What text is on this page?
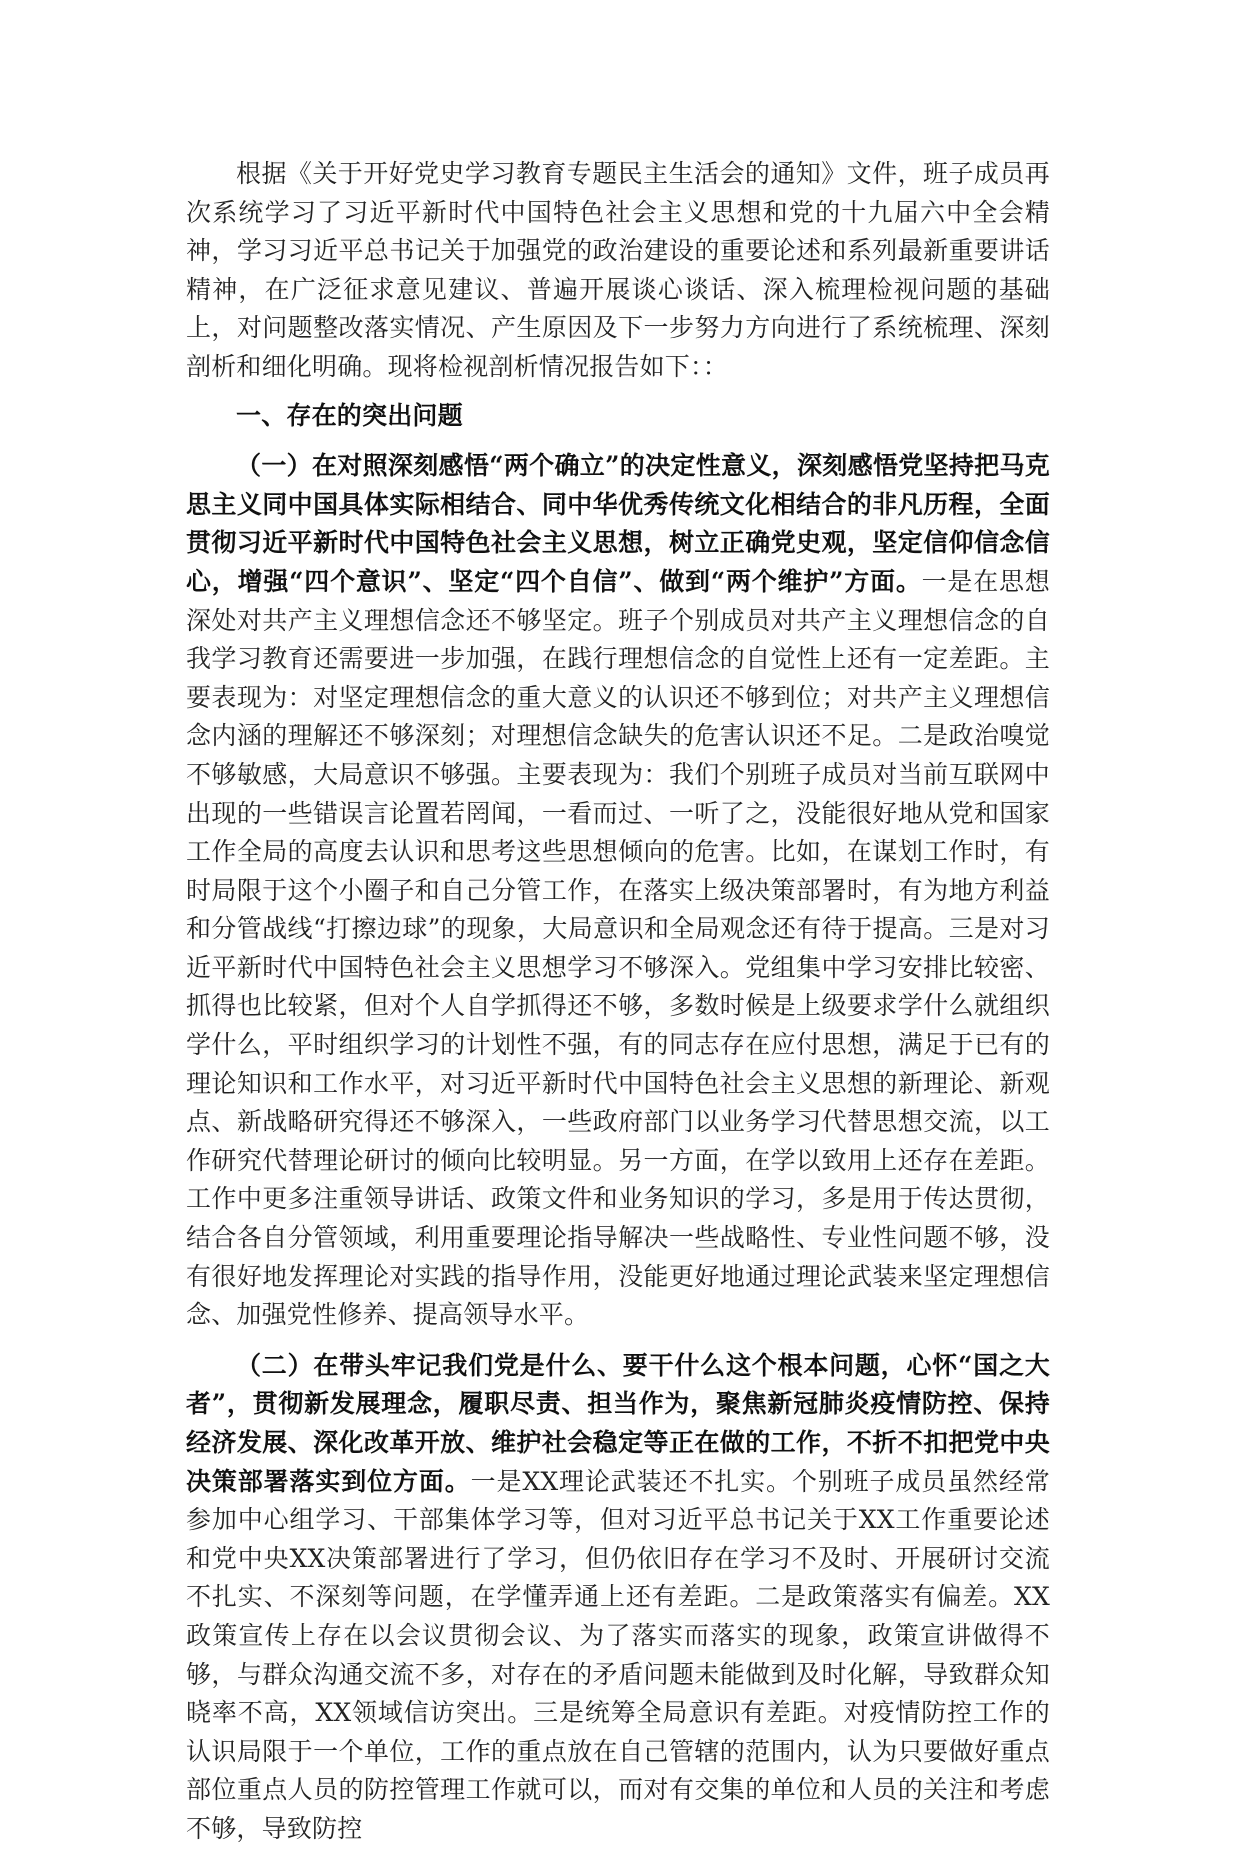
根据《关于开好党史学习教育专题民主生活会的通知》文件，班子成员再次系统学习了习近平新时代中国特色社会主义思想和党的十九届六中全会精神，学习习近平总书记关于加强党的政治建设的重要论述和系列最新重要讲话精神，在广泛征求意见建议、普遍开展谈心谈话、深入梳理检视问题的基础上，对问题整改落实情况、产生原因及下一步努力方向进行了系统梳理、深刻剖析和细化明确。现将检视剖析情况报告如下：：

一、存在的突出问题

（一）在对照深刻感悟“两个确立”的决定性意义，深刻感悟党坚持把马克思主义同中国具体实际相结合、同中华优秀传统文化相结合的非凡历程，全面贯彻习近平新时代中国特色社会主义思想，树立正确党史观，坚定信仰信念信心，增强“四个意识”、坚定“四个自信”、做到“两个维护”方面。一是在思想深处对共产主义理想信念还不够坚定。班子个别成员对共产主义理想信念的自我学习教育还需要进一步加强，在践行理想信念的自觉性上还有一定差距。主要表现为：对坚定理想信念的重大意义的认识还不够到位；对共产主义理想信念内涵的理解还不够深刻；对理想信念缺失的危害认识还不足。二是政治嗅觉不够敏感，大局意识不够强。主要表现为：我们个别班子成员对当前互联网中出现的一些错误言论置若罔闻，一看而过、一听了之，没能很好地从党和国家工作全局的高度去认识和思考这些思想倾向的危害。比如，在谋划工作时，有时局限于这个小圈子和自己分管工作，在落实上级决策部署时，有为地方利益和分管战线“打擦边球”的现象，大局意识和全局观念还有待于提高。三是对习近平新时代中国特色社会主义思想学习不够深入。党组集中学习安排比较密、抓得也比较紧，但对个人自学抓得还不够，多数时候是上级要求学什么就组织学什么，平时组织学习的计划性不强，有的同志存在应付思想，满足于已有的理论知识和工作水平，对习近平新时代中国特色社会主义思想的新理论、新观点、新战略研究得还不够深入，一些政府部门以业务学习代替思想交流，以工作研究代替理论研讨的倾向比较明显。另一方面，在学以致用上还存在差距。工作中更多注重领导讲话、政策文件和业务知识的学习，多是用于传达贯彻，结合各自分管领域，利用重要理论指导解决一些战略性、专业性问题不够，没有很好地发挥理论对实践的指导作用，没能更好地通过理论武装来坚定理想信念、加强党性修养、提高领导水平。

（二）在带头牢记我们党是什么、要干什么这个根本问题，心怀“国之大者”，贯彻新发展理念，履职尽责、担当作为，聚焦新冠肺炎疫情防控、保持经济发展、深化改革开放、维护社会稳定等正在做的工作，不折不扣把党中央决策部署落实到位方面。一是XX理论武装还不扎实。个别班子成员虽然经常参加中心组学习、干部集体学习等，但对习近平总书记关于XX工作重要论述和党中央XX决策部署进行了学习，但仍依旧存在学习不及时、开展研讨交流不扎实、不深刻等问题，在学懂弄通上还有差距。二是政策落实有偏差。XX政策宣传上存在以会议贯彻会议、为了落实而落实的现象，政策宣讲做得不够，与群众沟通交流不多，对存在的矛盾问题未能做到及时化解，导致群众知晓率不高，XX领域信访突出。三是统筹全局意识有差距。对疫情防控工作的认识局限于一个单位，工作的重点放在自己管辖的范围内，认为只要做好重点部位重点人员的防控管理工作就可以，而对有交集的单位和人员的关注和考虑不够，导致防控
